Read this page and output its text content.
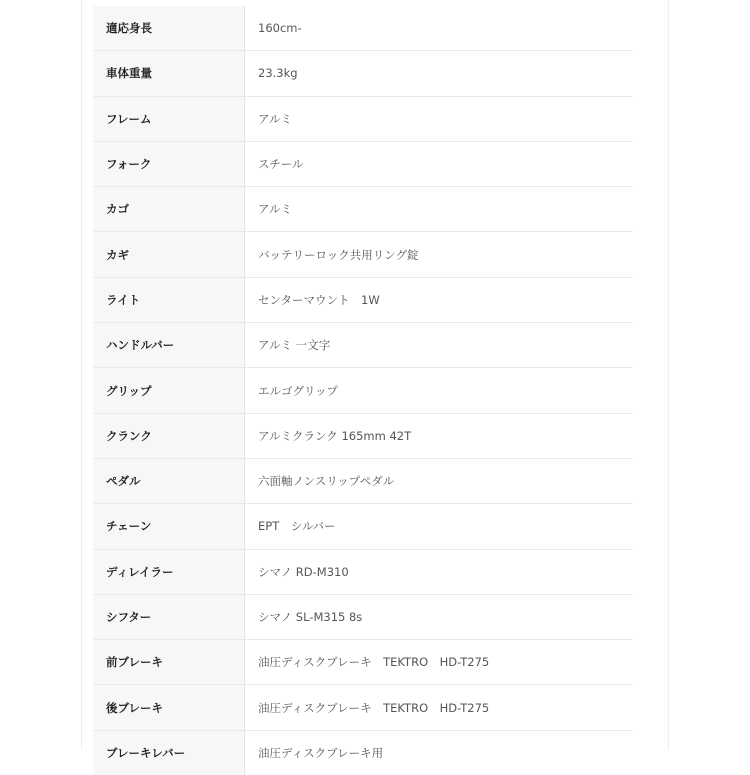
適応身長	160cm-
車体重量	23.3kg
フレーム	アルミ
フォーク	スチール
カゴ	アルミ
カギ	バッテリーロック共用リング錠
ライト	センターマウント　1W
ハンドルバー	アルミ 一文字
グリップ	エルゴグリップ
クランク	アルミクランク 165mm 42T
ペダル	六面軸ノンスリップペダル
チェーン	EPT　シルバー
ディレイラー	シマノ RD-M310
シフター	シマノ SL-M315 8s
前ブレーキ	油圧ディスクブレーキ　TEKTRO　HD-T275
後ブレーキ	油圧ディスクブレーキ　TEKTRO　HD-T275
ブレーキレバー	油圧ディスクブレーキ用
